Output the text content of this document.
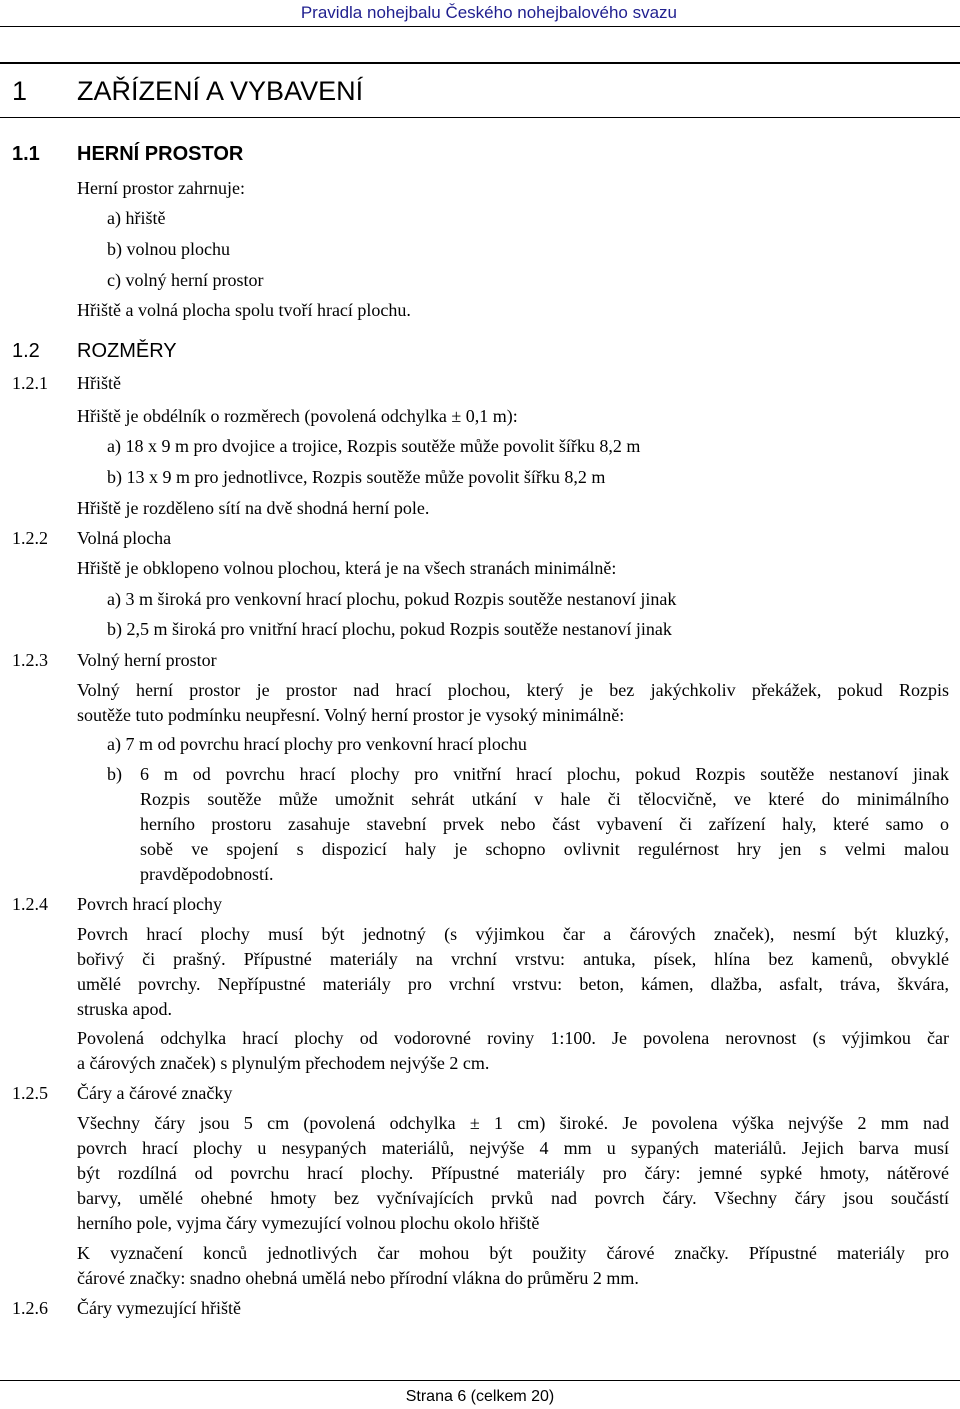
Pravidla nohejbalu Českého nohejbalového svazu
1 ZAŘÍZENÍ A VYBAVENÍ
1.1 HERNÍ PROSTOR
Herní prostor zahrnuje:
a) hřiště
b) volnou plochu
c) volný herní prostor
Hřiště a volná plocha spolu tvoří hrací plochu.
1.2 ROZMĚRY
1.2.1 Hřiště
Hřiště je obdélník o rozměrech (povolená odchylka ± 0,1 m):
a) 18 x 9 m pro dvojice a trojice, Rozpis soutěže může povolit šířku 8,2 m
b) 13 x 9 m pro jednotlivce, Rozpis soutěže může povolit šířku 8,2 m
Hřiště je rozděleno sítí na dvě shodná herní pole.
1.2.2 Volná plocha
Hřiště je obklopeno volnou plochou, která je na všech stranách minimálně:
a) 3 m široká pro venkovní hrací plochu, pokud Rozpis soutěže nestanoví jinak
b) 2,5 m široká pro vnitřní hrací plochu, pokud Rozpis soutěže nestanoví jinak
1.2.3 Volný herní prostor
Volný herní prostor je prostor nad hrací plochou, který je bez jakýchkoliv překážek, pokud Rozpis
soutěže tuto podmínku neupřesní. Volný herní prostor je vysoký minimálně:
a) 7 m od povrchu hrací plochy pro venkovní hrací plochu
b) 6 m od povrchu hrací plochy pro vnitřní hrací plochu, pokud Rozpis soutěže nestanoví jinak
Rozpis soutěže může umožnit sehrát utkání v hale či tělocvičně, ve které do minimálního
herního prostoru zasahuje stavební prvek nebo část vybavení či zařízení haly, které samo o
sobě ve spojení s dispozicí haly je schopno ovlivnit regulérnost hry jen s velmi malou
pravděpodobností.
1.2.4 Povrch hrací plochy
Povrch hrací plochy musí být jednotný (s výjimkou čar a čárových značek), nesmí být kluzký,
bořivý či prašný. Přípustné materiály na vrchní vrstvu: antuka, písek, hlína bez kamenů, obvyklé
umělé povrchy. Nepřípustné materiály pro vrchní vrstvu: beton, kámen, dlažba, asfalt, tráva, škvára,
struska apod.
Povolená odchylka hrací plochy od vodorovné roviny 1:100. Je povolena nerovnost (s výjimkou čar
a čárových značek) s plynulým přechodem nejvýše 2 cm.
1.2.5 Čáry a čárové značky
Všechny čáry jsou 5 cm (povolená odchylka ± 1 cm) široké. Je povolena výška nejvýše 2 mm nad
povrch hrací plochy u nesypaných materiálů, nejvýše 4 mm u sypaných materiálů. Jejich barva musí
být rozdílná od povrchu hrací plochy. Přípustné materiály pro čáry: jemné sypké hmoty, nátěrové
barvy, umělé ohebné hmoty bez vyčnívajících prvků nad povrch čáry. Všechny čáry jsou součástí
herního pole, vyjma čáry vymezující volnou plochu okolo hřiště
K vyznačení konců jednotlivých čar mohou být použity čárové značky. Přípustné materiály pro
čárové značky: snadno ohebná umělá nebo přírodní vlákna do průměru 2 mm.
1.2.6 Čáry vymezující hřiště
Strana 6 (celkem 20)
